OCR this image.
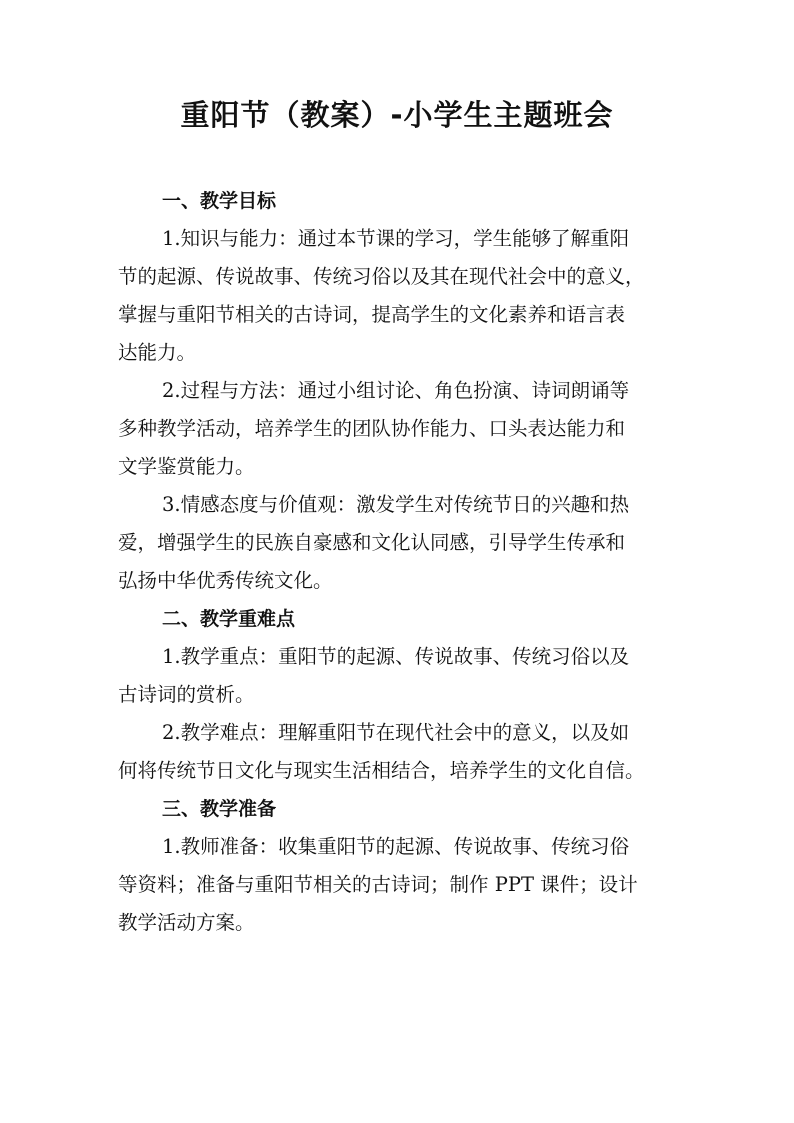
重阳节（教案）-小学生主题班会
一、教学目标

1.知识与能力：通过本节课的学习，学生能够了解重阳

节的起源、传说故事、传统习俗以及其在现代社会中的意义，

掌握与重阳节相关的古诗词，提高学生的文化素养和语言表

达能力。

2.过程与方法：通过小组讨论、角色扮演、诗词朗诵等

多种教学活动，培养学生的团队协作能力、口头表达能力和

文学鉴赏能力。

3.情感态度与价值观：激发学生对传统节日的兴趣和热

爱，增强学生的民族自豪感和文化认同感，引导学生传承和

弘扬中华优秀传统文化。

二、教学重难点

1.教学重点：重阳节的起源、传说故事、传统习俗以及

古诗词的赏析。

2.教学难点：理解重阳节在现代社会中的意义，以及如

何将传统节日文化与现实生活相结合，培养学生的文化自信。

三、教学准备

1.教师准备：收集重阳节的起源、传说故事、传统习俗

等资料；准备与重阳节相关的古诗词；制作 PPT 课件；设计

教学活动方案。
